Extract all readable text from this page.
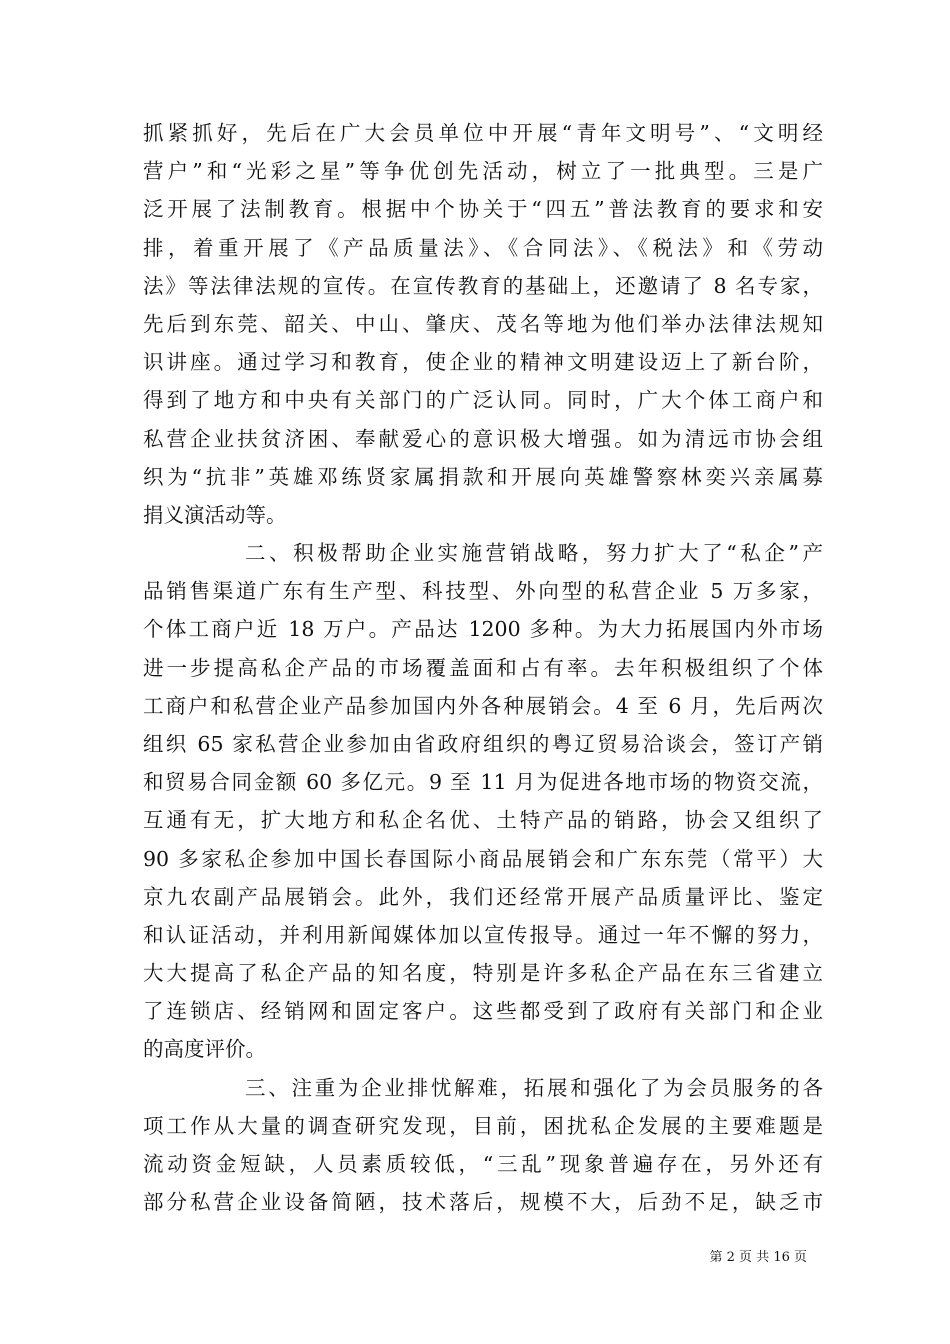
抓紧抓好，先后在广大会员单位中开展“青年文明号”、“文明经
营户”和“光彩之星”等争优创先活动，树立了一批典型。三是广
泛开展了法制教育。根据中个协关于“四五”普法教育的要求和安
排，着重开展了《产品质量法》、《合同法》、《税法》和《劳动
法》等法律法规的宣传。在宣传教育的基础上，还邀请了 8 名专家，
先后到东莞、韶关、中山、肇庆、茂名等地为他们举办法律法规知
识讲座。通过学习和教育，使企业的精神文明建设迈上了新台阶，
得到了地方和中央有关部门的广泛认同。同时，广大个体工商户和
私营企业扶贫济困、奉献爱心的意识极大增强。如为清远市协会组
织为“抗非”英雄邓练贤家属捐款和开展向英雄警察林奕兴亲属募
捐义演活动等。
二、积极帮助企业实施营销战略，努力扩大了“私企”产
品销售渠道广东有生产型、科技型、外向型的私营企业 5 万多家，
个体工商户近 18 万户。产品达 1200 多种。为大力拓展国内外市场
进一步提高私企产品的市场覆盖面和占有率。去年积极组织了个体
工商户和私营企业产品参加国内外各种展销会。4 至 6 月，先后两次
组织 65 家私营企业参加由省政府组织的粤辽贸易洽谈会，签订产销
和贸易合同金额 60 多亿元。9 至 11 月为促进各地市场的物资交流，
互通有无，扩大地方和私企名优、土特产品的销路，协会又组织了
90 多家私企参加中国长春国际小商品展销会和广东东莞（常平）大
京九农副产品展销会。此外，我们还经常开展产品质量评比、鉴定
和认证活动，并利用新闻媒体加以宣传报导。通过一年不懈的努力，
大大提高了私企产品的知名度，特别是许多私企产品在东三省建立
了连锁店、经销网和固定客户。这些都受到了政府有关部门和企业
的高度评价。
三、注重为企业排忧解难，拓展和强化了为会员服务的各
项工作从大量的调查研究发现，目前，困扰私企发展的主要难题是
流动资金短缺，人员素质较低，“三乱”现象普遍存在，另外还有
部分私营企业设备简陋，技术落后，规模不大，后劲不足，缺乏市
第 2 页 共 16 页
